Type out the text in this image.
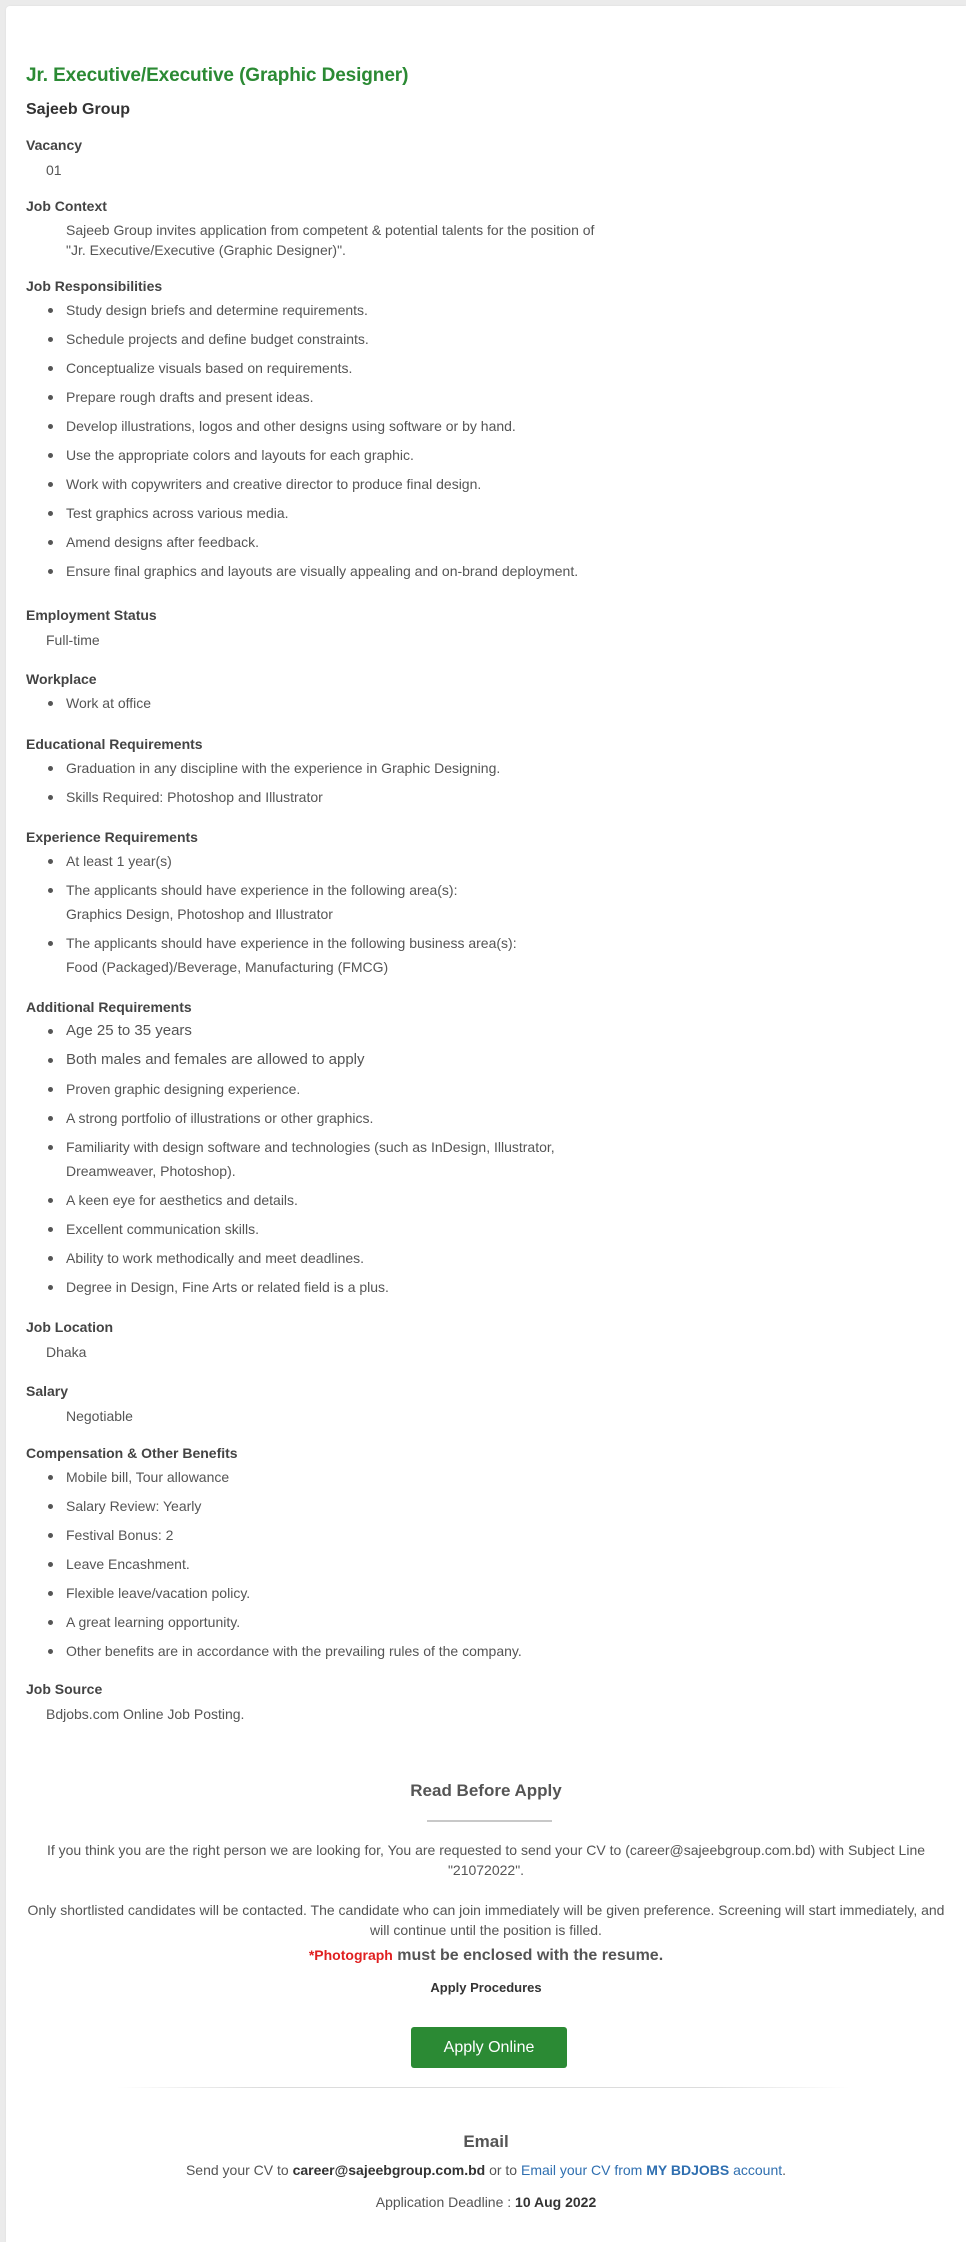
Jr. Executive/Executive (Graphic Designer)
Sajeeb Group
Vacancy
01
Job Context
Sajeeb Group invites application from competent & potential talents for the position of "Jr. Executive/Executive (Graphic Designer)".
Job Responsibilities
Study design briefs and determine requirements.
Schedule projects and define budget constraints.
Conceptualize visuals based on requirements.
Prepare rough drafts and present ideas.
Develop illustrations, logos and other designs using software or by hand.
Use the appropriate colors and layouts for each graphic.
Work with copywriters and creative director to produce final design.
Test graphics across various media.
Amend designs after feedback.
Ensure final graphics and layouts are visually appealing and on-brand deployment.
Employment Status
Full-time
Workplace
Work at office
Educational Requirements
Graduation in any discipline with the experience in Graphic Designing.
Skills Required: Photoshop and Illustrator
Experience Requirements
At least 1 year(s)
The applicants should have experience in the following area(s):
Graphics Design, Photoshop and Illustrator
The applicants should have experience in the following business area(s):
Food (Packaged)/Beverage, Manufacturing (FMCG)
Additional Requirements
Age 25 to 35 years
Both males and females are allowed to apply
Proven graphic designing experience.
A strong portfolio of illustrations or other graphics.
Familiarity with design software and technologies (such as InDesign, Illustrator, Dreamweaver, Photoshop).
A keen eye for aesthetics and details.
Excellent communication skills.
Ability to work methodically and meet deadlines.
Degree in Design, Fine Arts or related field is a plus.
Job Location
Dhaka
Salary
Negotiable
Compensation & Other Benefits
Mobile bill, Tour allowance
Salary Review: Yearly
Festival Bonus: 2
Leave Encashment.
Flexible leave/vacation policy.
A great learning opportunity.
Other benefits are in accordance with the prevailing rules of the company.
Job Source
Bdjobs.com Online Job Posting.
Read Before Apply
If you think you are the right person we are looking for, You are requested to send your CV to (career@sajeebgroup.com.bd) with Subject Line "21072022".
Only shortlisted candidates will be contacted. The candidate who can join immediately will be given preference. Screening will start immediately, and will continue until the position is filled.
*Photograph must be enclosed with the resume.
Apply Procedures
Apply Online
Email
Send your CV to career@sajeebgroup.com.bd or to Email your CV from MY BDJOBS account.
Application Deadline : 10 Aug 2022
